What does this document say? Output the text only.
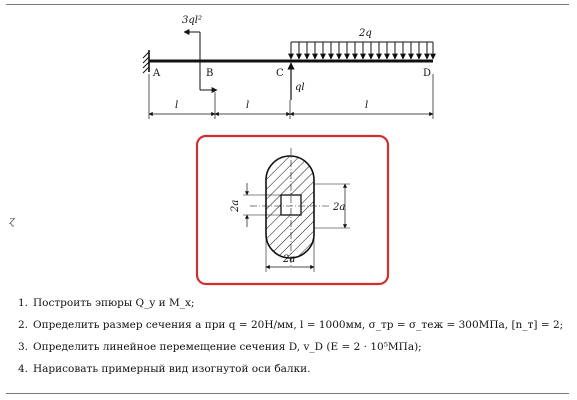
2q
3ql²
ql
A	B	C	D
l	l	l
2a	2a
2a
ɀ
1. Построить эпюры Q_y и M_x;
2. Определить размер сечения a при q = 20Н/мм, l = 1000мм, σ_тр = σ_теж = 300МПа, [n_т] = 2;
3. Определить линейное перемещение сечения D, v_D (E = 2 · 10⁵МПа);
4. Нарисовать примерный вид изогнутой оси балки.
